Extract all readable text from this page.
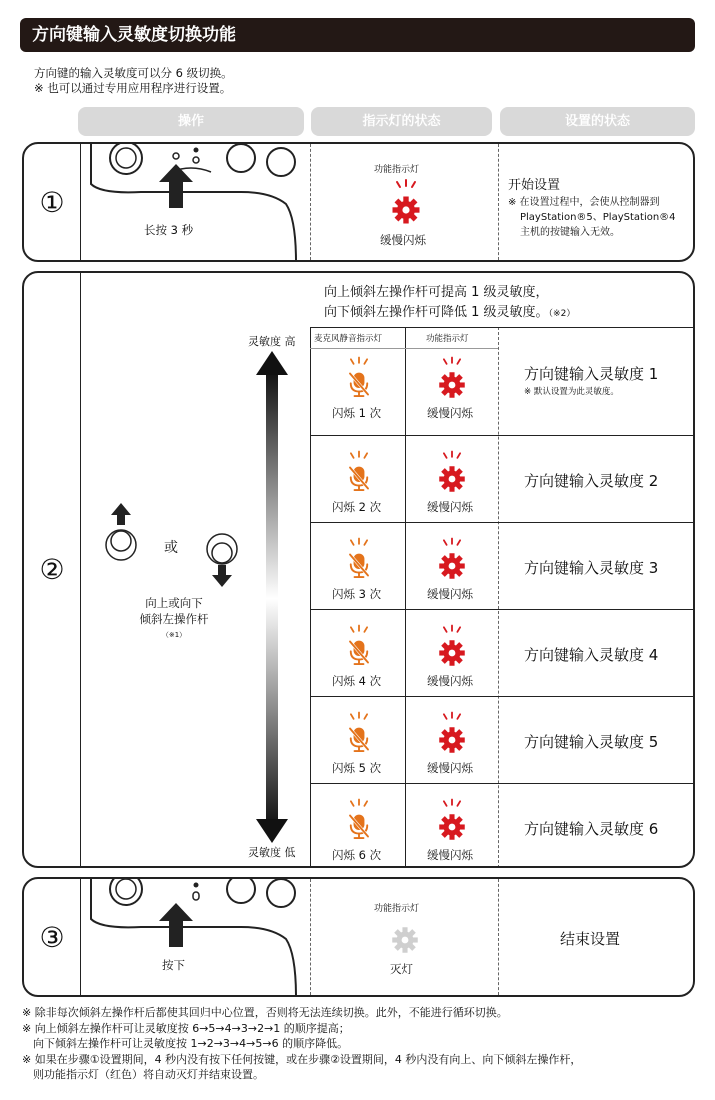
方向键输入灵敏度切换功能
方向键的输入灵敏度可以分 6 级切换。
※ 也可以通过专用应用程序进行设置。
操作	指示灯的状态	设置的状态
①
长按 3 秒
功能指示灯
缓慢闪烁
开始设置
※ 在设置过程中，会使从控制器到
PlayStation®5、PlayStation®4
主机的按键输入无效。
②
向上倾斜左操作杆可提高 1 级灵敏度，
向下倾斜左操作杆可降低 1 级灵敏度。（※2）
或
向上或向下
倾斜左操作杆
（※1）
灵敏度 高
灵敏度 低
麦克风静音指示灯	功能指示灯
闪烁 1 次	缓慢闪烁
方向键输入灵敏度 1
※ 默认设置为此灵敏度。
闪烁 2 次	缓慢闪烁
方向键输入灵敏度 2
闪烁 3 次	缓慢闪烁
方向键输入灵敏度 3
闪烁 4 次	缓慢闪烁
方向键输入灵敏度 4
闪烁 5 次	缓慢闪烁
方向键输入灵敏度 5
闪烁 6 次	缓慢闪烁
方向键输入灵敏度 6
③
按下
功能指示灯
灭灯
结束设置
※ 除非每次倾斜左操作杆后都使其回归中心位置，否则将无法连续切换。此外，不能进行循环切换。
※ 向上倾斜左操作杆可让灵敏度按 6→5→4→3→2→1 的顺序提高；
　向下倾斜左操作杆可让灵敏度按 1→2→3→4→5→6 的顺序降低。
※ 如果在步骤①设置期间，4 秒内没有按下任何按键，或在步骤②设置期间，4 秒内没有向上、向下倾斜左操作杆，
　则功能指示灯（红色）将自动灭灯并结束设置。
